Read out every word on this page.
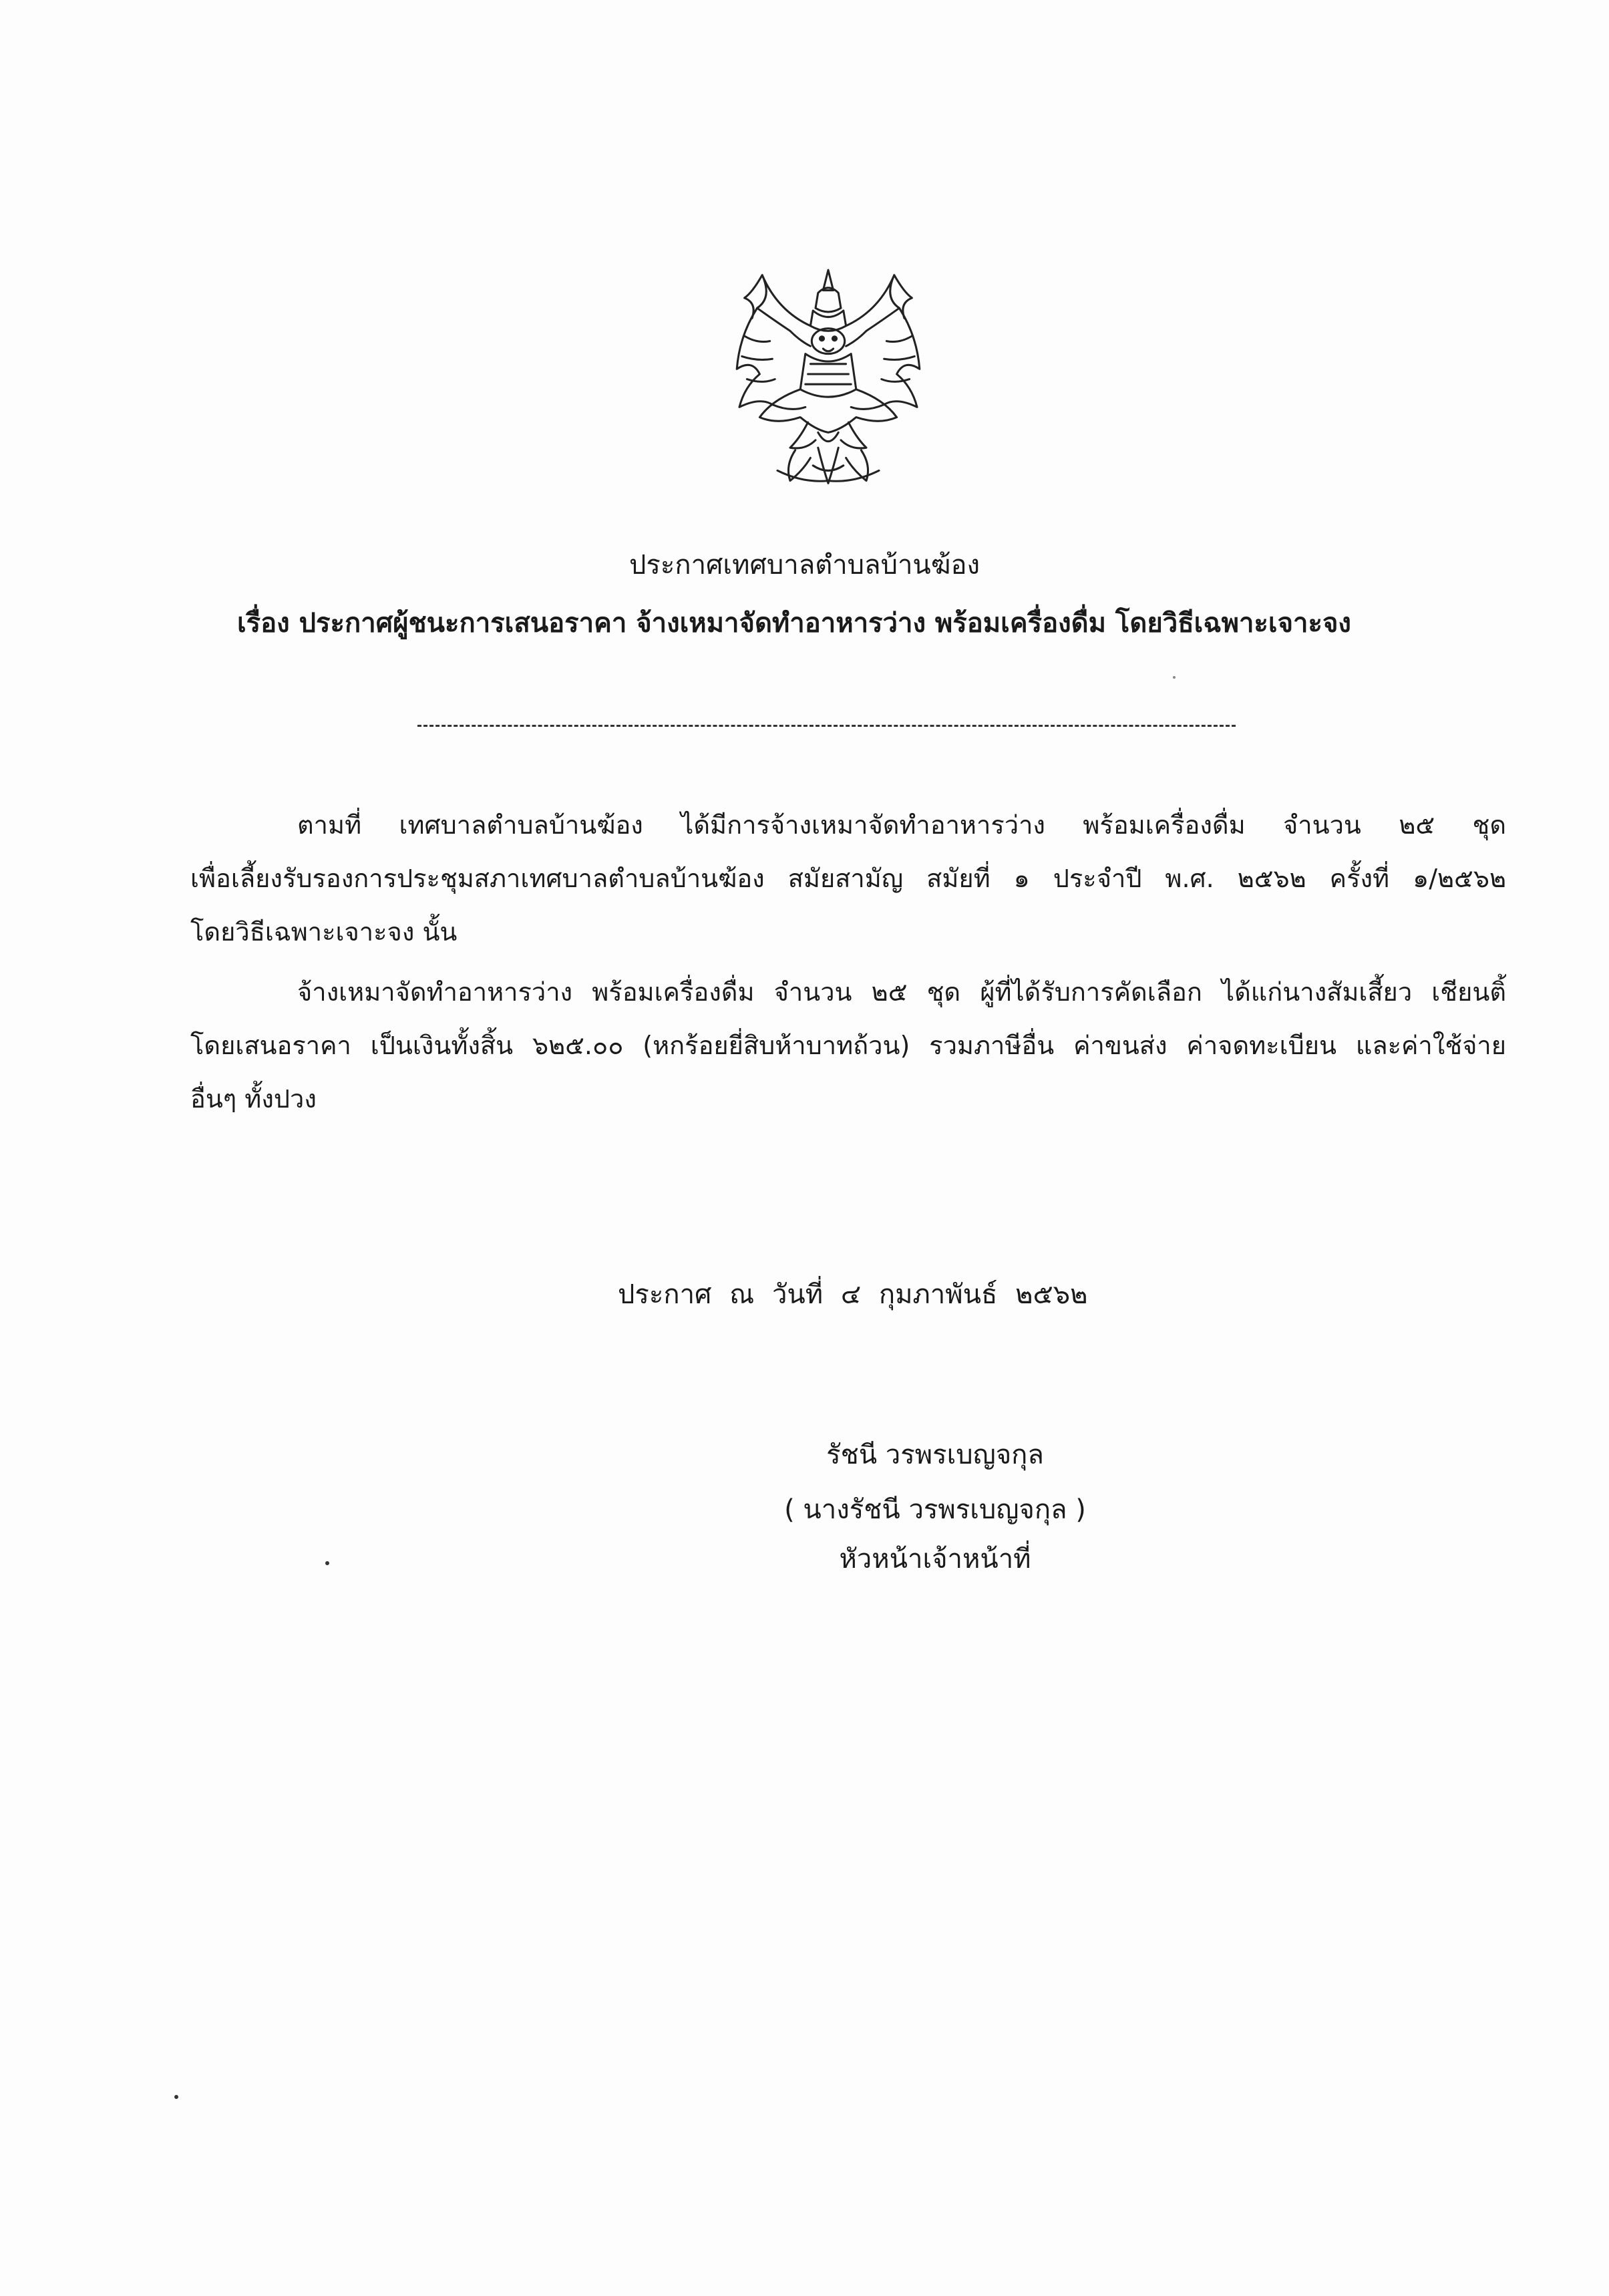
ประกาศเทศบาลตำบลบ้านฆ้อง
เรื่อง ประกาศผู้ชนะการเสนอราคา จ้างเหมาจัดทำอาหารว่าง พร้อมเครื่องดื่ม โดยวิธีเฉพาะเจาะจง
ตามที่ เทศบาลตำบลบ้านฆ้อง ได้มีการจ้างเหมาจัดทำอาหารว่าง พร้อมเครื่องดื่ม จำนวน ๒๕ ชุด
เพื่อเลี้ยงรับรองการประชุมสภาเทศบาลตำบลบ้านฆ้อง สมัยสามัญ สมัยที่ ๑ ประจำปี พ.ศ. ๒๕๖๒ ครั้งที่ ๑/๒๕๖๒
โดยวิธีเฉพาะเจาะจง นั้น
จ้างเหมาจัดทำอาหารว่าง พร้อมเครื่องดื่ม จำนวน ๒๕ ชุด ผู้ที่ได้รับการคัดเลือก ได้แก่นางสัมเสี้ยว เชียนติ้
โดยเสนอราคา เป็นเงินทั้งสิ้น ๖๒๕.๐๐ (หกร้อยยี่สิบห้าบาทถ้วน) รวมภาษีอื่น ค่าขนส่ง ค่าจดทะเบียน และค่าใช้จ่าย
อื่นๆ ทั้งปวง
ประกาศ ณ วันที่ ๔ กุมภาพันธ์ ๒๕๖๒
รัชนี วรพรเบญจกุล
( นางรัชนี วรพรเบญจกุล )
หัวหน้าเจ้าหน้าที่
